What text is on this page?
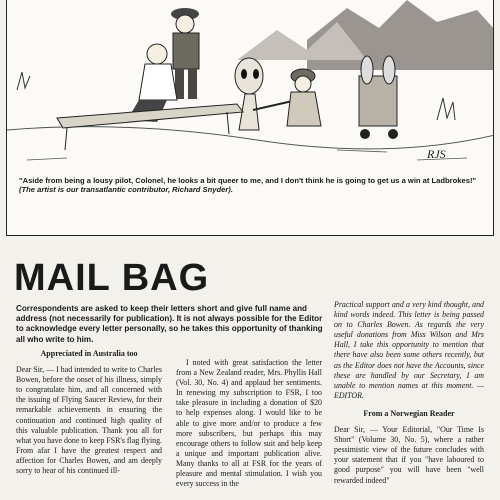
RJS
"Aside from being a lousy pilot, Colonel, he looks a bit queer to me, and I don't think he is going to get us a win at Ladbrokes!"
(The artist is our transatlantic contributor, Richard Snyder).
MAIL BAG

Correspondents are asked to keep their letters short and give full name and address (not necessarily for publication). It is not always possible for the Editor to acknowledge every letter personally, so he takes this opportunity of thanking all who write to him.

Appreciated in Australia too

Dear Sir, — I had intended to write to Charles Bowen, before the onset of his illness, simply to congratulate him, and all concerned with the issuing of Flying Saucer Review, for their remarkable achievements in ensuring the continuation and continued high quality of this valuable publication. Thank you all for what you have done to keep FSR's flag flying. From afar I have the greatest respect and affection for Charles Bowen, and am deeply sorry to hear of his continued ill-

I noted with great satisfaction the letter from a New Zealand reader, Mrs. Phyllis Hall (Vol. 30, No. 4) and applaud her sentiments. In renewing my subscription to FSR, I too take pleasure in including a donation of $20 to help expenses along. I would like to be able to give more and/or to produce a few more subscribers, but perhaps this may encourage others to follow suit and help keep a unique and important publication alive. Many thanks to all at FSR for the years of pleasure and mental stimulation. I wish you every success in the

Practical support and a very kind thought, and kind words indeed. This letter is being passed on to Charles Bowen. As regards the very useful donations from Miss Wilson and Mrs Hall, I take this opportunity to mention that there have also been some others recently, but as the Editor does not have the Accounts, since these are handled by our Secretary, I am unable to mention names at this moment. — EDITOR.

From a Norwegian Reader

Dear Sir, — Your Editorial, "Our Time Is Short" (Volume 30, No. 5), where a rather pessimistic view of the future concludes with your statement that if you "have laboured to good purpose" you will have been "well rewarded indeed"
